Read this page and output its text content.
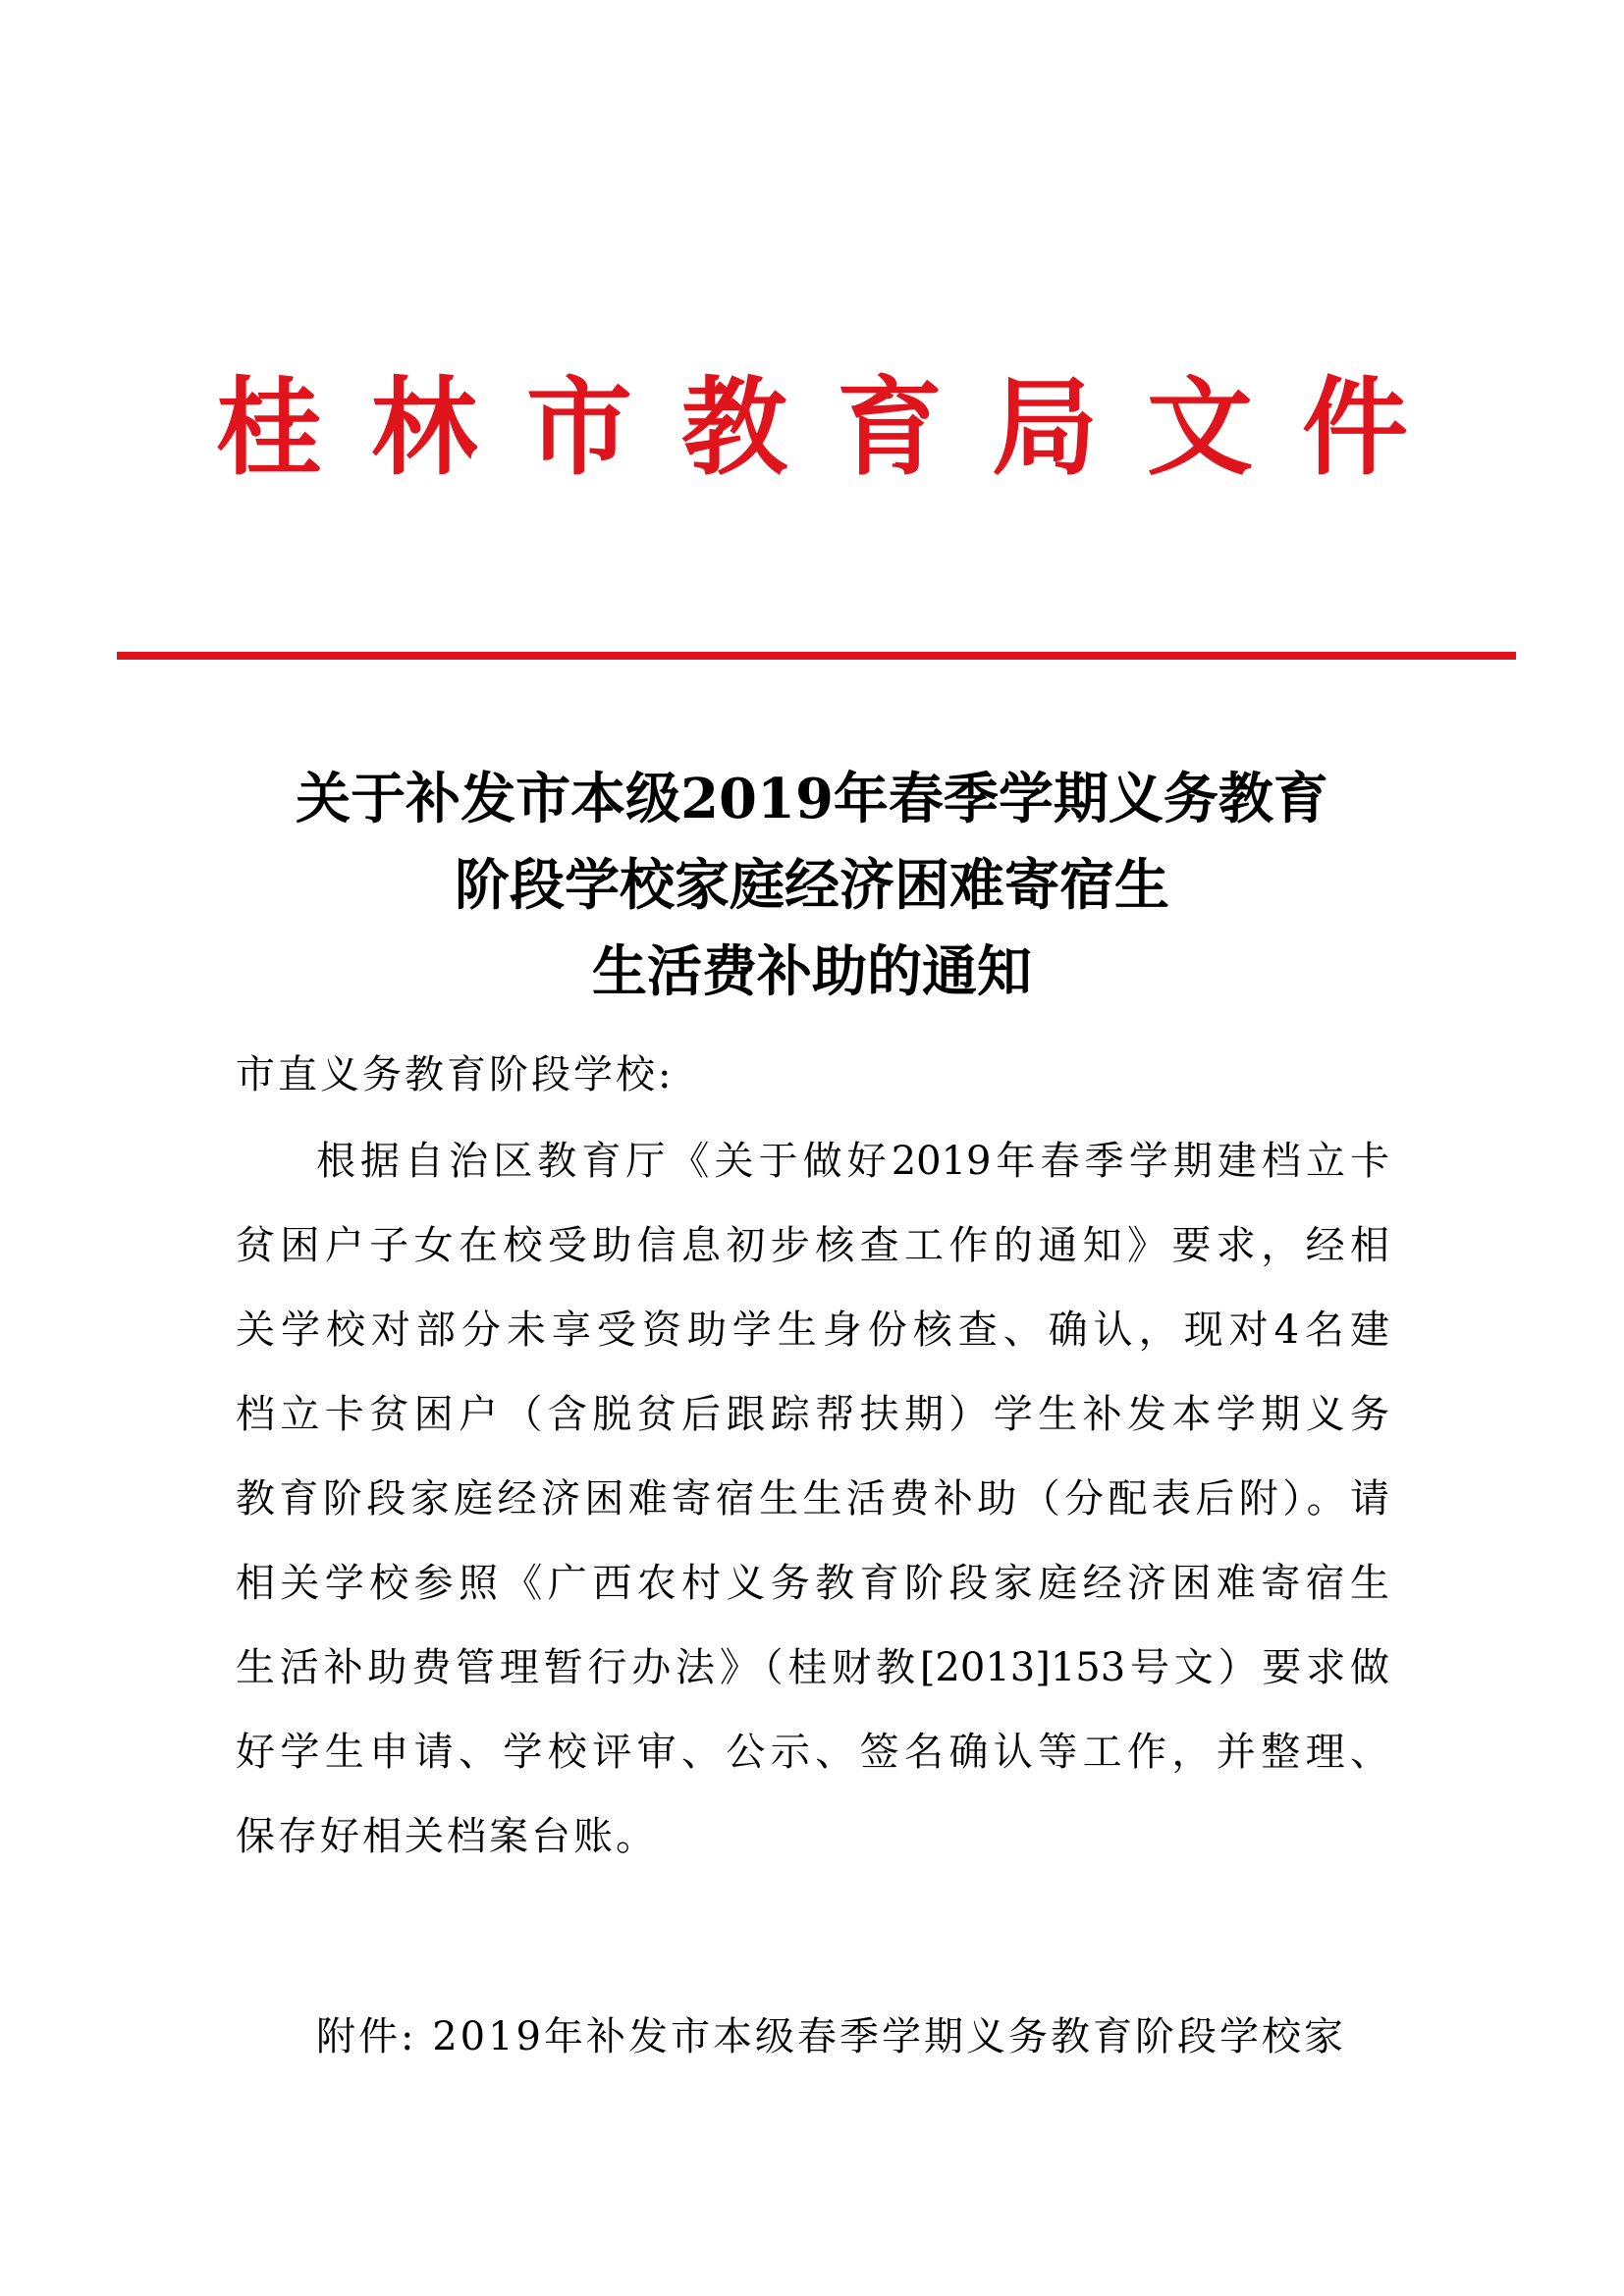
桂林市教育局文件
关于补发市本级2019年春季学期义务教育
阶段学校家庭经济困难寄宿生
生活费补助的通知
市直义务教育阶段学校:
根据自治区教育厅《关于做好2019年春季学期建档立卡
贫困户子女在校受助信息初步核查工作的通知》要求，经相
关学校对部分未享受资助学生身份核查、确认，现对4名建
档立卡贫困户（含脱贫后跟踪帮扶期）学生补发本学期义务
教育阶段家庭经济困难寄宿生生活费补助（分配表后附）。请
相关学校参照《广西农村义务教育阶段家庭经济困难寄宿生
生活补助费管理暂行办法》（桂财教[2013]153号文）要求做
好学生申请、学校评审、公示、签名确认等工作，并整理、
保存好相关档案台账。
附件: 2019年补发市本级春季学期义务教育阶段学校家
